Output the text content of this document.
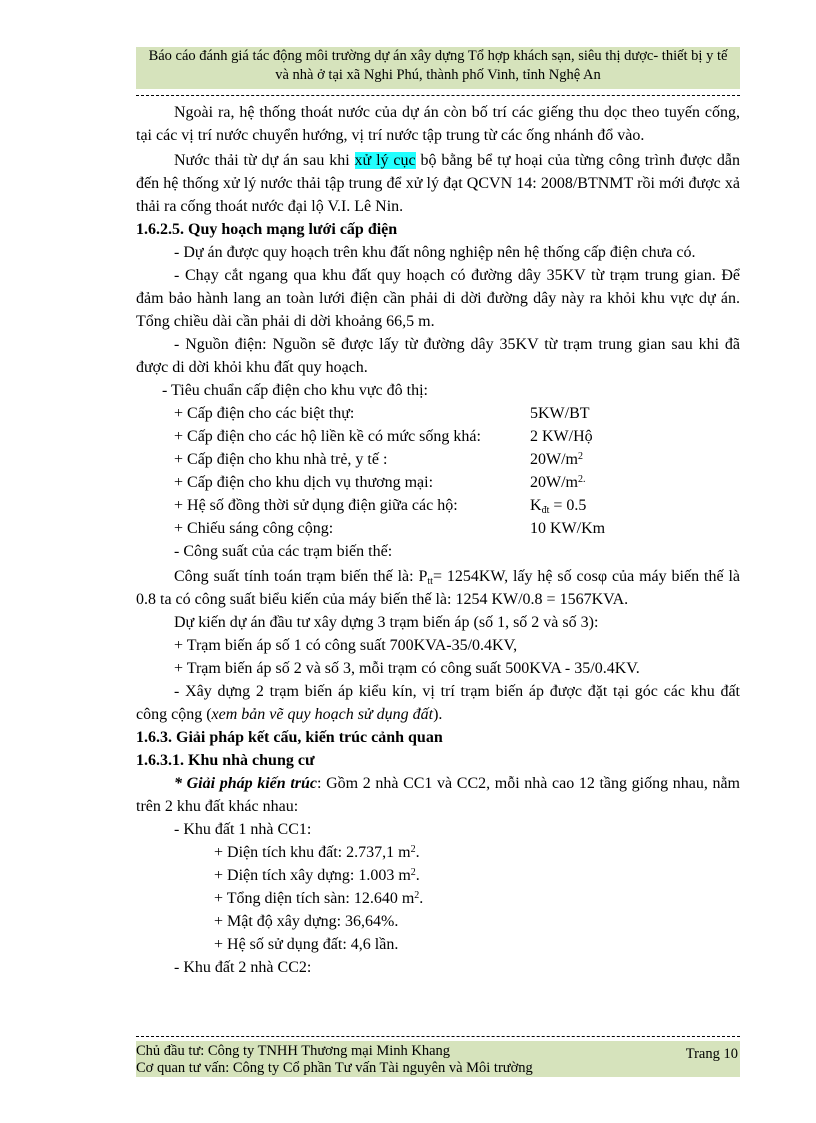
Báo cáo đánh giá tác động môi trường dự án xây dựng Tổ hợp khách sạn, siêu thị dược- thiết bị y tế
và nhà ở tại xã Nghi Phú, thành phố Vinh, tỉnh Nghệ An

Ngoài ra, hệ thống thoát nước của dự án còn bố trí các giếng thu dọc theo tuyến cống, tại các vị trí nước chuyển hướng, vị trí nước tập trung từ các ống nhánh đổ vào.

Nước thải từ dự án sau khi xử lý cục bộ bằng bể tự hoại của từng công trình được dẫn đến hệ thống xử lý nước thải tập trung để xử lý đạt QCVN 14: 2008/BTNMT rồi mới được xả thải ra cống thoát nước đại lộ V.I. Lê Nin.

1.6.2.5. Quy hoạch mạng lưới cấp điện

- Dự án được quy hoạch trên khu đất nông nghiệp nên hệ thống cấp điện chưa có.

- Chạy cắt ngang qua khu đất quy hoạch có đường dây 35KV từ trạm trung gian. Để đảm bảo hành lang an toàn lưới điện cần phải di dời đường dây này ra khỏi khu vực dự án. Tổng chiều dài cần phải di dời khoảng 66,5 m.

- Nguồn điện: Nguồn sẽ được lấy từ đường dây 35KV từ trạm trung gian sau khi đã được di dời khỏi khu đất quy hoạch.

- Tiêu chuẩn cấp điện cho khu vực đô thị:

+ Cấp điện cho các biệt thự:	5KW/BT
+ Cấp điện cho các hộ liền kề có mức sống khá:	2 KW/Hộ
+ Cấp điện cho khu nhà trẻ, y tế :	$20W/m^2$
+ Cấp điện cho khu dịch vụ thương mại:	$20W/m^{2.}$
+ Hệ số đồng thời sử dụng điện giữa các hộ:	$K_{đt} = 0.5$
+ Chiếu sáng công cộng:	10 KW/Km

- Công suất của các trạm biến thế:

Công suất tính toán trạm biến thế là: $P_{tt}= 1254KW$, lấy hệ số cosφ của máy biến thế là 0.8 ta có công suất biểu kiến của máy biến thế là: 1254 KW/0.8 = 1567KVA.

Dự kiến dự án đầu tư xây dựng 3 trạm biến áp (số 1, số 2 và số 3):

+ Trạm biến áp số 1 có công suất 700KVA-35/0.4KV,

+ Trạm biến áp số 2 và số 3, mỗi trạm có công suất 500KVA - 35/0.4KV.

- Xây dựng 2 trạm biến áp kiểu kín, vị trí trạm biến áp được đặt tại góc các khu đất công cộng (xem bản vẽ quy hoạch sử dụng đất).

1.6.3. Giải pháp kết cấu, kiến trúc cảnh quan

1.6.3.1. Khu nhà chung cư

* Giải pháp kiến trúc: Gồm 2 nhà CC1 và CC2, mỗi nhà cao 12 tầng giống nhau, nằm trên 2 khu đất khác nhau:

- Khu đất 1 nhà CC1:

+ Diện tích khu đất: 2.737,1 $m^2$.
+ Diện tích xây dựng: 1.003 $m^2$.
+ Tổng diện tích sàn: 12.640 $m^2$.
+ Mật độ xây dựng: 36,64%.
+ Hệ số sử dụng đất: 4,6 lần.

- Khu đất 2 nhà CC2:

Chủ đầu tư: Công ty TNHH Thương mại Minh Khang
Cơ quan tư vấn: Công ty Cổ phần Tư vấn Tài nguyên và Môi trường
Trang 10
